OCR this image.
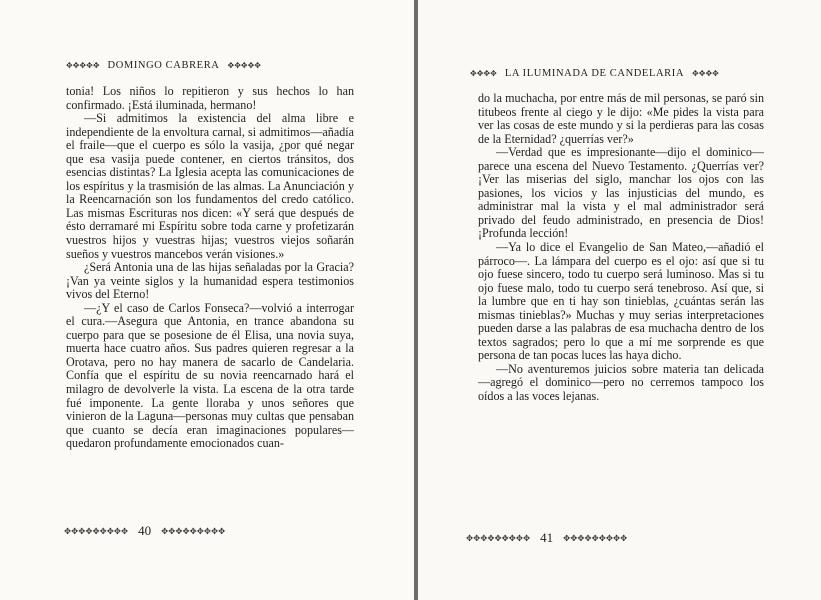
✥✥✥✥✥ DOMINGO CABRERA ✥✥✥✥✥

tonia! Los niños lo repitieron y sus hechos lo han confirmado. ¡Está iluminada, hermano!

—Si admitimos la existencia del alma libre e independiente de la envoltura carnal, si admitimos—añadía el fraile—que el cuerpo es sólo la vasija, ¿por qué negar que esa vasija puede contener, en ciertos tránsitos, dos esencias distintas? La Iglesia acepta las comunicaciones de los espíritus y la trasmisión de las almas. La Anunciación y la Reencarnación son los fundamentos del credo católico. Las mismas Escrituras nos dicen: «Y será que después de ésto derramaré mi Espíritu sobre toda carne y profetizarán vuestros hijos y vuestras hijas; vuestros viejos soñarán sueños y vuestros mancebos verán visiones.»

¿Será Antonia una de las hijas señaladas por la Gracia? ¡Van ya veinte siglos y la humanidad espera testimonios vivos del Eterno!

—¿Y el caso de Carlos Fonseca?—volvió a interrogar el cura.—Asegura que Antonia, en trance abandona su cuerpo para que se posesione de él Elisa, una novia suya, muerta hace cuatro años. Sus padres quieren regresar a la Orotava, pero no hay manera de sacarlo de Candelaria. Confía que el espíritu de su novia reencarnado hará el milagro de devolverle la vista. La escena de la otra tarde fué imponente. La gente lloraba y unos señores que vinieron de la Laguna—personas muy cultas que pensaban que cuanto se decía eran imaginaciones populares—quedaron profundamente emocionados cuan-

✥✥✥✥✥✥✥✥✥ 40 ✥✥✥✥✥✥✥✥✥
✥✥✥✥ LA ILUMINADA DE CANDELARIA ✥✥✥✥

do la muchacha, por entre más de mil personas, se paró sin titubeos frente al ciego y le dijo: «Me pides la vista para ver las cosas de este mundo y si la perdieras para las cosas de la Eternidad? ¿querrías ver?»

—Verdad que es impresionante—dijo el dominico—parece una escena del Nuevo Testamento. ¿Querrías ver? ¡Ver las miserias del siglo, manchar los ojos con las pasiones, los vicios y las injusticias del mundo, es administrar mal la vista y el mal administrador será privado del feudo administrado, en presencia de Dios! ¡Profunda lección!

—Ya lo dice el Evangelio de San Mateo,—añadió el párroco—. La lámpara del cuerpo es el ojo: así que si tu ojo fuese sincero, todo tu cuerpo será luminoso. Mas si tu ojo fuese malo, todo tu cuerpo será tenebroso. Así que, si la lumbre que en ti hay son tinieblas, ¿cuántas serán las mismas tinieblas?» Muchas y muy serias interpretaciones pueden darse a las palabras de esa muchacha dentro de los textos sagrados; pero lo que a mí me sorprende es que persona de tan pocas luces las haya dicho.

—No aventuremos juicios sobre materia tan delicada—agregó el dominico—pero no cerremos tampoco los oídos a las voces lejanas.

✥✥✥✥✥✥✥✥✥ 41 ✥✥✥✥✥✥✥✥✥
